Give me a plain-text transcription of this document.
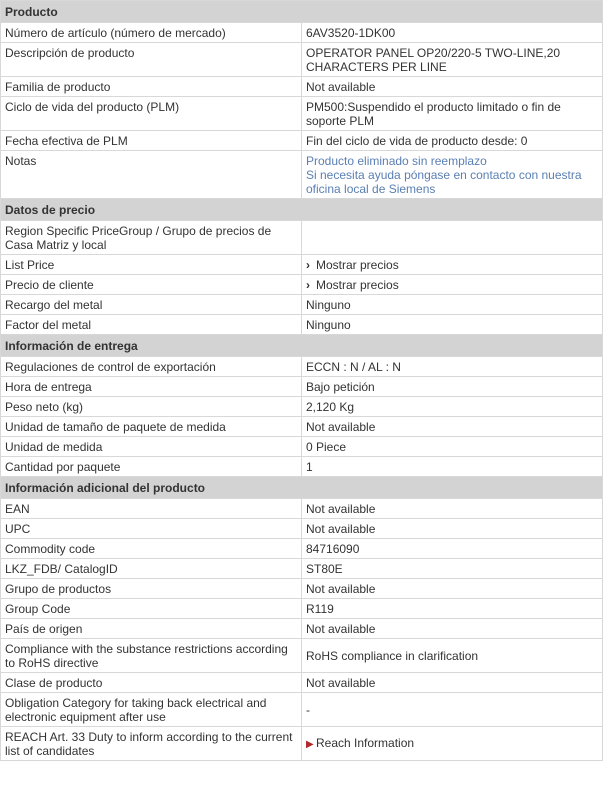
Producto	
Número de artículo (número de mercado)	6AV3520-1DK00
Descripción de producto	OPERATOR PANEL OP20/220-5 TWO-LINE,20 CHARACTERS PER LINE
Familia de producto	Not available
Ciclo de vida del producto (PLM)	PM500:Suspendido el producto limitado o fin de soporte PLM
Fecha efectiva de PLM	Fin del ciclo de vida de producto desde: 0
Notas	Producto eliminado sin reemplazo
Si necesita ayuda póngase en contacto con nuestra oficina local de Siemens

Datos de precio	
Region Specific PriceGroup / Grupo de precios de Casa Matriz y local	
List Price	› Mostrar precios
Precio de cliente	› Mostrar precios
Recargo del metal	Ninguno
Factor del metal	Ninguno
Información de entrega	
Regulaciones de control de exportación	ECCN : N / AL : N
Hora de entrega	Bajo petición
Peso neto (kg)	2,120 Kg
Unidad de tamaño de paquete de medida	Not available
Unidad de medida	0 Piece
Cantidad por paquete	1
Información adicional del producto	
EAN	Not available
UPC	Not available
Commodity code	84716090
LKZ_FDB/ CatalogID	ST80E
Grupo de productos	Not available
Group Code	R119
País de origen	Not available
Compliance with the substance restrictions according to RoHS directive	RoHS compliance in clarification
Clase de producto	Not available
Obligation Category for taking back electrical and electronic equipment after use	-
REACH Art. 33 Duty to inform according to the current list of candidates	▶ Reach Information
